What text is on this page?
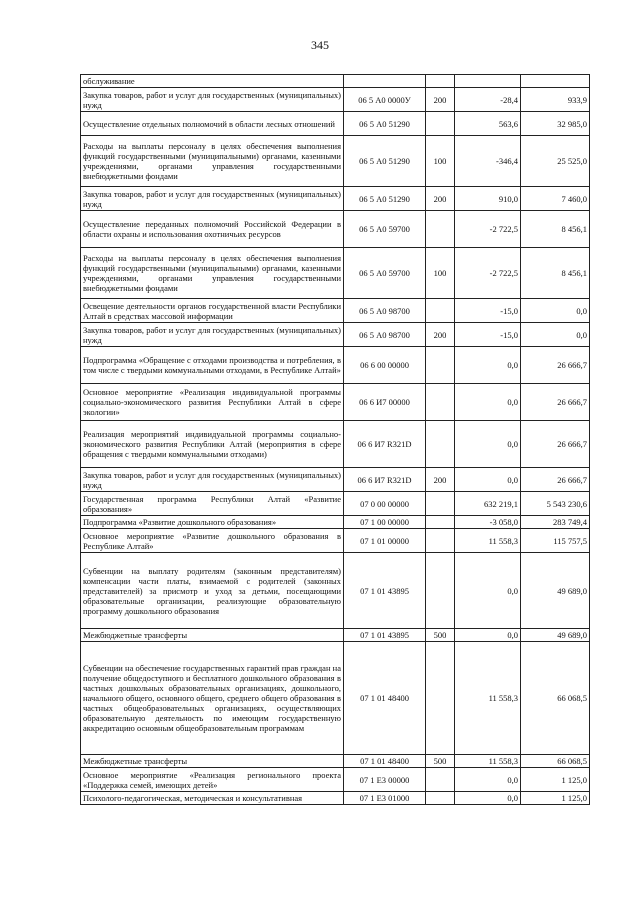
345
обслуживание				
Закупка товаров, работ и услуг для государственных (муниципальных) нужд	06 5 А0 0000У	200	-28,4	933,9
Осуществление отдельных полномочий в области лесных отношений	06 5 А0 51290		563,6	32 985,0
Расходы на выплаты персоналу в целях обеспечения выполнения функций государственными (муниципальными) органами, казенными учреждениями, органами управления государственными внебюджетными фондами	06 5 А0 51290	100	-346,4	25 525,0
Закупка товаров, работ и услуг для государственных (муниципальных) нужд	06 5 А0 51290	200	910,0	7 460,0
Осуществление переданных полномочий Российской Федерации в области охраны и использования охотничьих ресурсов	06 5 А0 59700		-2 722,5	8 456,1
Расходы на выплаты персоналу в целях обеспечения выполнения функций государственными (муниципальными) органами, казенными учреждениями, органами управления государственными внебюджетными фондами	06 5 А0 59700	100	-2 722,5	8 456,1
Освещение деятельности органов государственной власти Республики Алтай в средствах массовой информации	06 5 А0 98700		-15,0	0,0
Закупка товаров, работ и услуг для государственных (муниципальных) нужд	06 5 А0 98700	200	-15,0	0,0
Подпрограмма «Обращение с отходами производства и потребления, в том числе с твердыми коммунальными отходами, в Республике Алтай»	06 6 00 00000		0,0	26 666,7
Основное мероприятие «Реализация индивидуальной программы социально-экономического развития Республики Алтай в сфере экологии»	06 6 И7 00000		0,0	26 666,7
Реализация мероприятий индивидуальной программы социально-экономического развития Республики Алтай (мероприятия в сфере обращения с твердыми коммунальными отходами)	06 6 И7 R321D		0,0	26 666,7
Закупка товаров, работ и услуг для государственных (муниципальных) нужд	06 6 И7 R321D	200	0,0	26 666,7
Государственная программа Республики Алтай «Развитие образования»	07 0 00 00000		632 219,1	5 543 230,6
Подпрограмма «Развитие дошкольного образования»	07 1 00 00000		-3 058,0	283 749,4
Основное мероприятие «Развитие дошкольного образования в Республике Алтай»	07 1 01 00000		11 558,3	115 757,5
Субвенции на выплату родителям (законным представителям) компенсации части платы, взимаемой с родителей (законных представителей) за присмотр и уход за детьми, посещающими образовательные организации, реализующие образовательную программу дошкольного образования	07 1 01 43895		0,0	49 689,0
Межбюджетные трансферты	07 1 01 43895	500	0,0	49 689,0
Субвенции на обеспечение государственных гарантий прав граждан на получение общедоступного и бесплатного дошкольного образования в частных дошкольных образовательных организациях, дошкольного, начального общего, основного общего, среднего общего образования в частных общеобразовательных организациях, осуществляющих образовательную деятельность по имеющим государственную аккредитацию основным общеобразовательным программам	07 1 01 48400		11 558,3	66 068,5
Межбюджетные трансферты	07 1 01 48400	500	11 558,3	66 068,5
Основное мероприятие «Реализация регионального проекта «Поддержка семей, имеющих детей»	07 1 Е3 00000		0,0	1 125,0
Психолого-педагогическая, методическая и консультативная	07 1 Е3 01000		0,0	1 125,0
